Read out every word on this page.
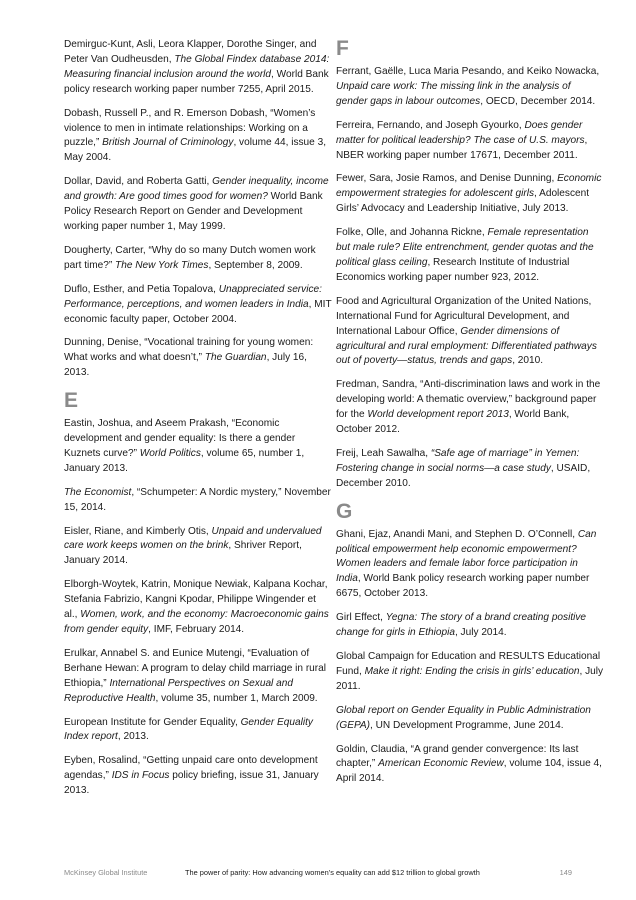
Demirguc-Kunt, Asli, Leora Klapper, Dorothe Singer, and Peter Van Oudheusden, The Global Findex database 2014: Measuring financial inclusion around the world, World Bank policy research working paper number 7255, April 2015.

Dobash, Russell P., and R. Emerson Dobash, “Women’s violence to men in intimate relationships: Working on a puzzle,” British Journal of Criminology, volume 44, issue 3, May 2004.

Dollar, David, and Roberta Gatti, Gender inequality, income and growth: Are good times good for women? World Bank Policy Research Report on Gender and Development working paper number 1, May 1999.

Dougherty, Carter, “Why do so many Dutch women work part time?” The New York Times, September 8, 2009.

Duflo, Esther, and Petia Topalova, Unappreciated service: Performance, perceptions, and women leaders in India, MIT economic faculty paper, October 2004.

Dunning, Denise, “Vocational training for young women: What works and what doesn’t,” The Guardian, July 16, 2013.

E

Eastin, Joshua, and Aseem Prakash, “Economic development and gender equality: Is there a gender Kuznets curve?” World Politics, volume 65, number 1, January 2013.

The Economist, “Schumpeter: A Nordic mystery,” November 15, 2014.

Eisler, Riane, and Kimberly Otis, Unpaid and undervalued care work keeps women on the brink, Shriver Report, January 2014.

Elborgh-Woytek, Katrin, Monique Newiak, Kalpana Kochar, Stefania Fabrizio, Kangni Kpodar, Philippe Wingender et al., Women, work, and the economy: Macroeconomic gains from gender equity, IMF, February 2014.

Erulkar, Annabel S. and Eunice Mutengi, “Evaluation of Berhane Hewan: A program to delay child marriage in rural Ethiopia,” International Perspectives on Sexual and Reproductive Health, volume 35, number 1, March 2009.

European Institute for Gender Equality, Gender Equality Index report, 2013.

Eyben, Rosalind, “Getting unpaid care onto development agendas,” IDS in Focus policy briefing, issue 31, January 2013.

F

Ferrant, Gaëlle, Luca Maria Pesando, and Keiko Nowacka, Unpaid care work: The missing link in the analysis of gender gaps in labour outcomes, OECD, December 2014.

Ferreira, Fernando, and Joseph Gyourko, Does gender matter for political leadership? The case of U.S. mayors, NBER working paper number 17671, December 2011.

Fewer, Sara, Josie Ramos, and Denise Dunning, Economic empowerment strategies for adolescent girls, Adolescent Girls’ Advocacy and Leadership Initiative, July 2013.

Folke, Olle, and Johanna Rickne, Female representation but male rule? Elite entrenchment, gender quotas and the political glass ceiling, Research Institute of Industrial Economics working paper number 923, 2012.

Food and Agricultural Organization of the United Nations, International Fund for Agricultural Development, and International Labour Office, Gender dimensions of agricultural and rural employment: Differentiated pathways out of poverty—status, trends and gaps, 2010.

Fredman, Sandra, “Anti-discrimination laws and work in the developing world: A thematic overview,” background paper for the World development report 2013, World Bank, October 2012.

Freij, Leah Sawalha, “Safe age of marriage” in Yemen: Fostering change in social norms—a case study, USAID, December 2010.

G

Ghani, Ejaz, Anandi Mani, and Stephen D. O’Connell, Can political empowerment help economic empowerment? Women leaders and female labor force participation in India, World Bank policy research working paper number 6675, October 2013.

Girl Effect, Yegna: The story of a brand creating positive change for girls in Ethiopia, July 2014.

Global Campaign for Education and RESULTS Educational Fund, Make it right: Ending the crisis in girls’ education, July 2011.

Global report on Gender Equality in Public Administration (GEPA), UN Development Programme, June 2014.

Goldin, Claudia, “A grand gender convergence: Its last chapter,” American Economic Review, volume 104, issue 4, April 2014.

McKinsey Global Institute	The power of parity: How advancing women’s equality can add $12 trillion to global growth	149
